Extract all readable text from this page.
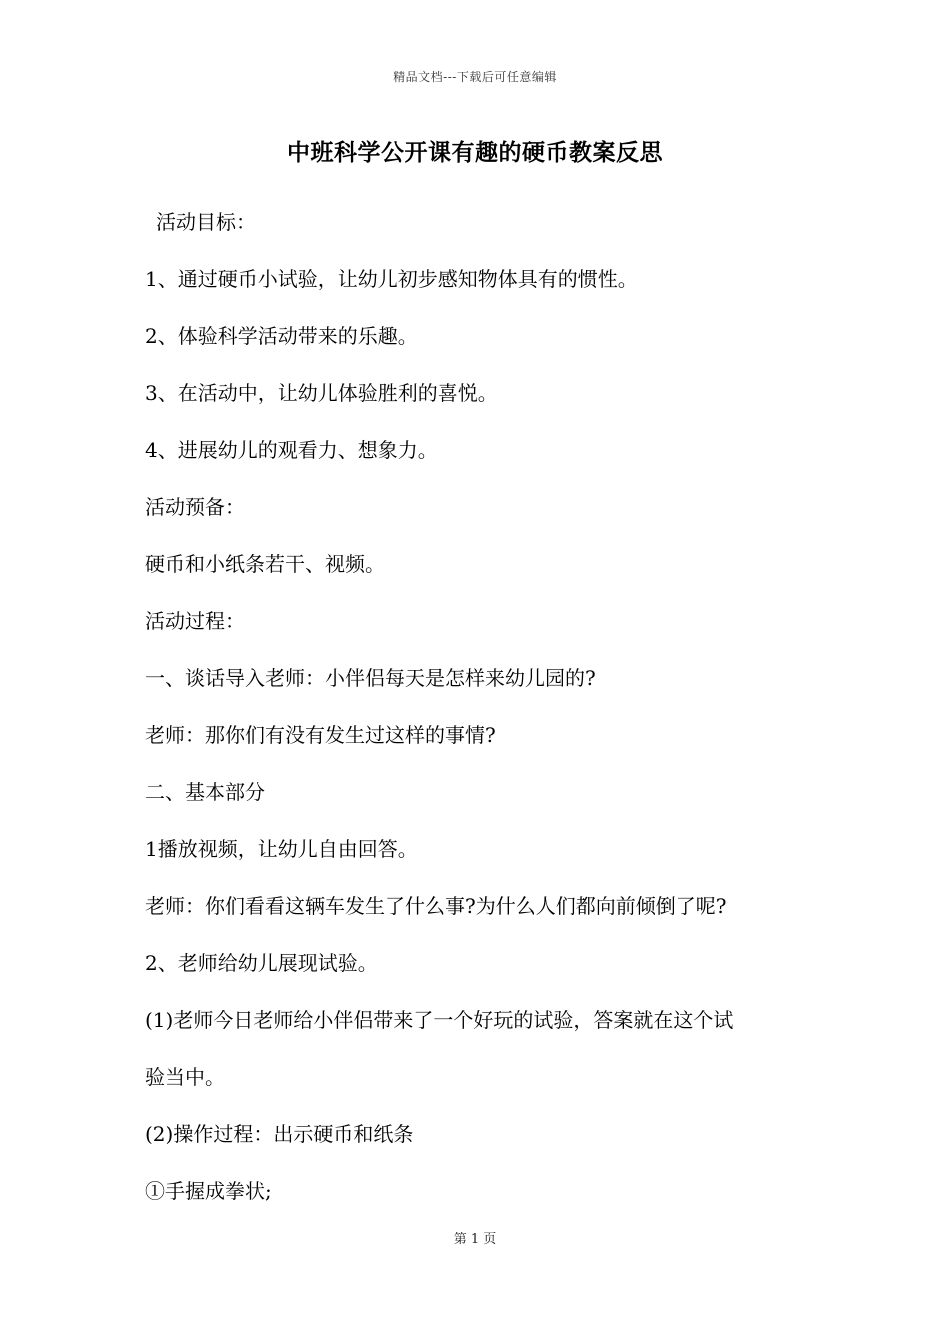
精品文档---下载后可任意编辑
中班科学公开课有趣的硬币教案反思
活动目标：
1、通过硬币小试验，让幼儿初步感知物体具有的惯性。
2、体验科学活动带来的乐趣。
3、在活动中，让幼儿体验胜利的喜悦。
4、进展幼儿的观看力、想象力。
活动预备：
硬币和小纸条若干、视频。
活动过程：
一、谈话导入老师：小伴侣每天是怎样来幼儿园的?
老师：那你们有没有发生过这样的事情?
二、基本部分
1播放视频，让幼儿自由回答。
老师：你们看看这辆车发生了什么事?为什么人们都向前倾倒了呢?
2、老师给幼儿展现试验。
(1)老师今日老师给小伴侣带来了一个好玩的试验，答案就在这个试
验当中。
(2)操作过程：出示硬币和纸条
①手握成拳状;
第 1 页
